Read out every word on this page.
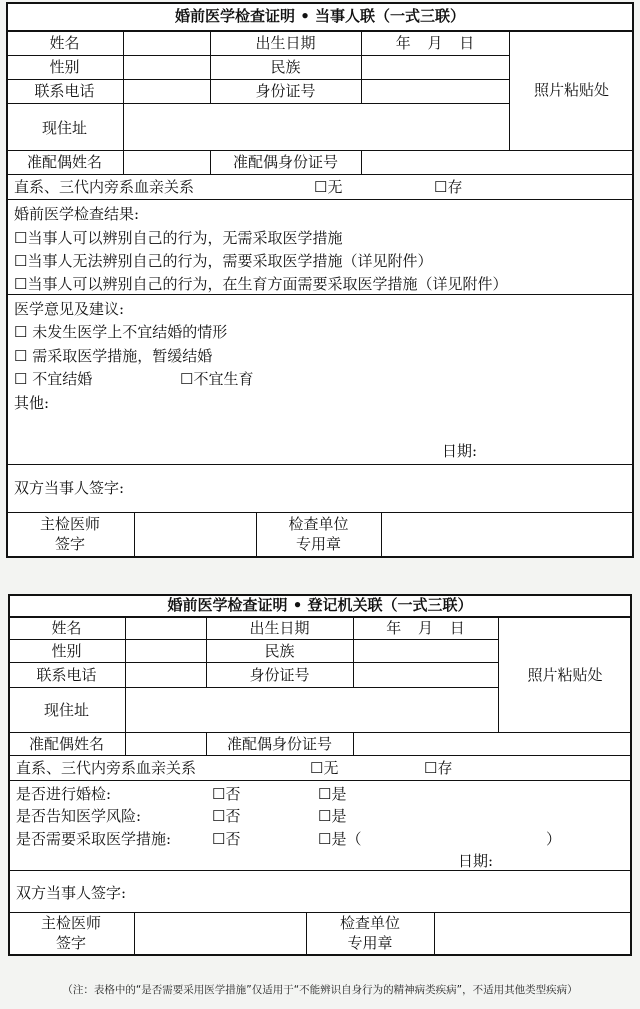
婚前医学检查证明 • 当事人联（一式三联）
姓名	出生日期	年 月 日
性别	民族
联系电话	身份证号	照片粘贴处
现住址
准配偶姓名	准配偶身份证号
直系、三代内旁系血亲关系	☐无	☐存
婚前医学检查结果:
☐当事人可以辨别自己的行为，无需采取医学措施
☐当事人无法辨别自己的行为，需要采取医学措施（详见附件）
☐当事人可以辨别自己的行为，在生育方面需要采取医学措施（详见附件）
医学意见及建议:
☐ 未发生医学上不宜结婚的情形
☐ 需采取医学措施，暂缓结婚
☐ 不宜结婚	☐不宜生育
其他:
日期:
双方当事人签字:
主检医师
签字
检查单位
专用章
婚前医学检查证明 • 登记机关联（一式三联）
姓名	出生日期	年 月 日
性别	民族
联系电话	身份证号	照片粘贴处
现住址
准配偶姓名	准配偶身份证号
直系、三代内旁系血亲关系	☐无	☐存
是否进行婚检:	☐否	☐是
是否告知医学风险:	☐否	☐是
是否需要采取医学措施:	☐否	☐是（	）
日期:
双方当事人签字:
主检医师
签字
检查单位
专用章
（注：表格中的“是否需要采用医学措施”仅适用于“不能辨识自身行为的精神病类疾病”，不适用其他类型疾病）
